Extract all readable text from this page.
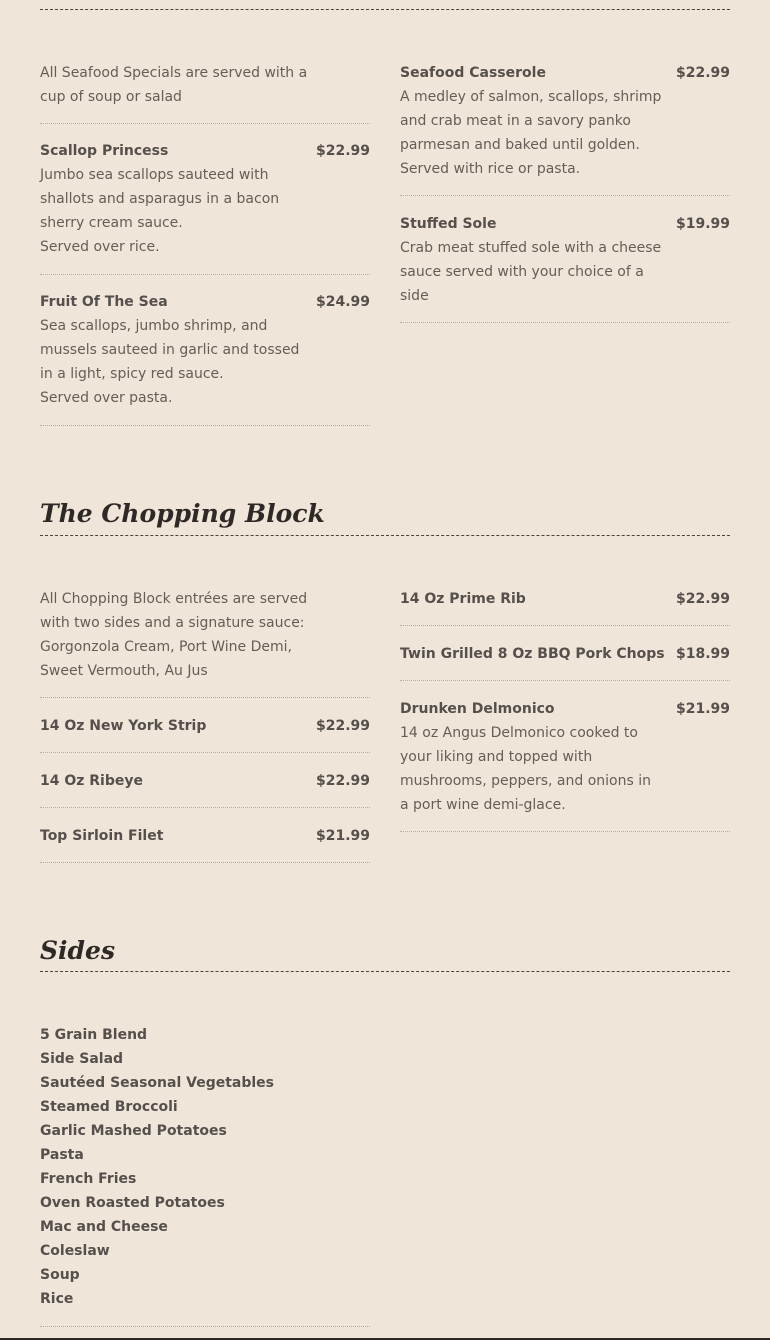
All Seafood Specials are served with a cup of soup or salad

Scallop Princess	$22.99

Jumbo sea scallops sauteed with shallots and asparagus in a bacon sherry cream sauce.
Served over rice.

Fruit Of The Sea	$24.99

Sea scallops, jumbo shrimp, and mussels sauteed in garlic and tossed in a light, spicy red sauce.
Served over pasta.

Seafood Casserole	$22.99

A medley of salmon, scallops, shrimp and crab meat in a savory panko parmesan and baked until golden.
Served with rice or pasta.

Stuffed Sole	$19.99

Crab meat stuffed sole with a cheese sauce served with your choice of a side

The Chopping Block

All Chopping Block entrées are served with two sides and a signature sauce: Gorgonzola Cream, Port Wine Demi, Sweet Vermouth, Au Jus

14 Oz New York Strip	$22.99

14 Oz Ribeye	$22.99

Top Sirloin Filet	$21.99

14 Oz Prime Rib	$22.99

Twin Grilled 8 Oz BBQ Pork Chops $18.99

Drunken Delmonico	$21.99

14 oz Angus Delmonico cooked to your liking and topped with mushrooms, peppers, and onions in a port wine demi-glace.

Sides
5 Grain Blend
Side Salad
Sautéed Seasonal Vegetables
Steamed Broccoli
Garlic Mashed Potatoes
Pasta
French Fries
Oven Roasted Potatoes
Mac and Cheese
Coleslaw
Soup
Rice
